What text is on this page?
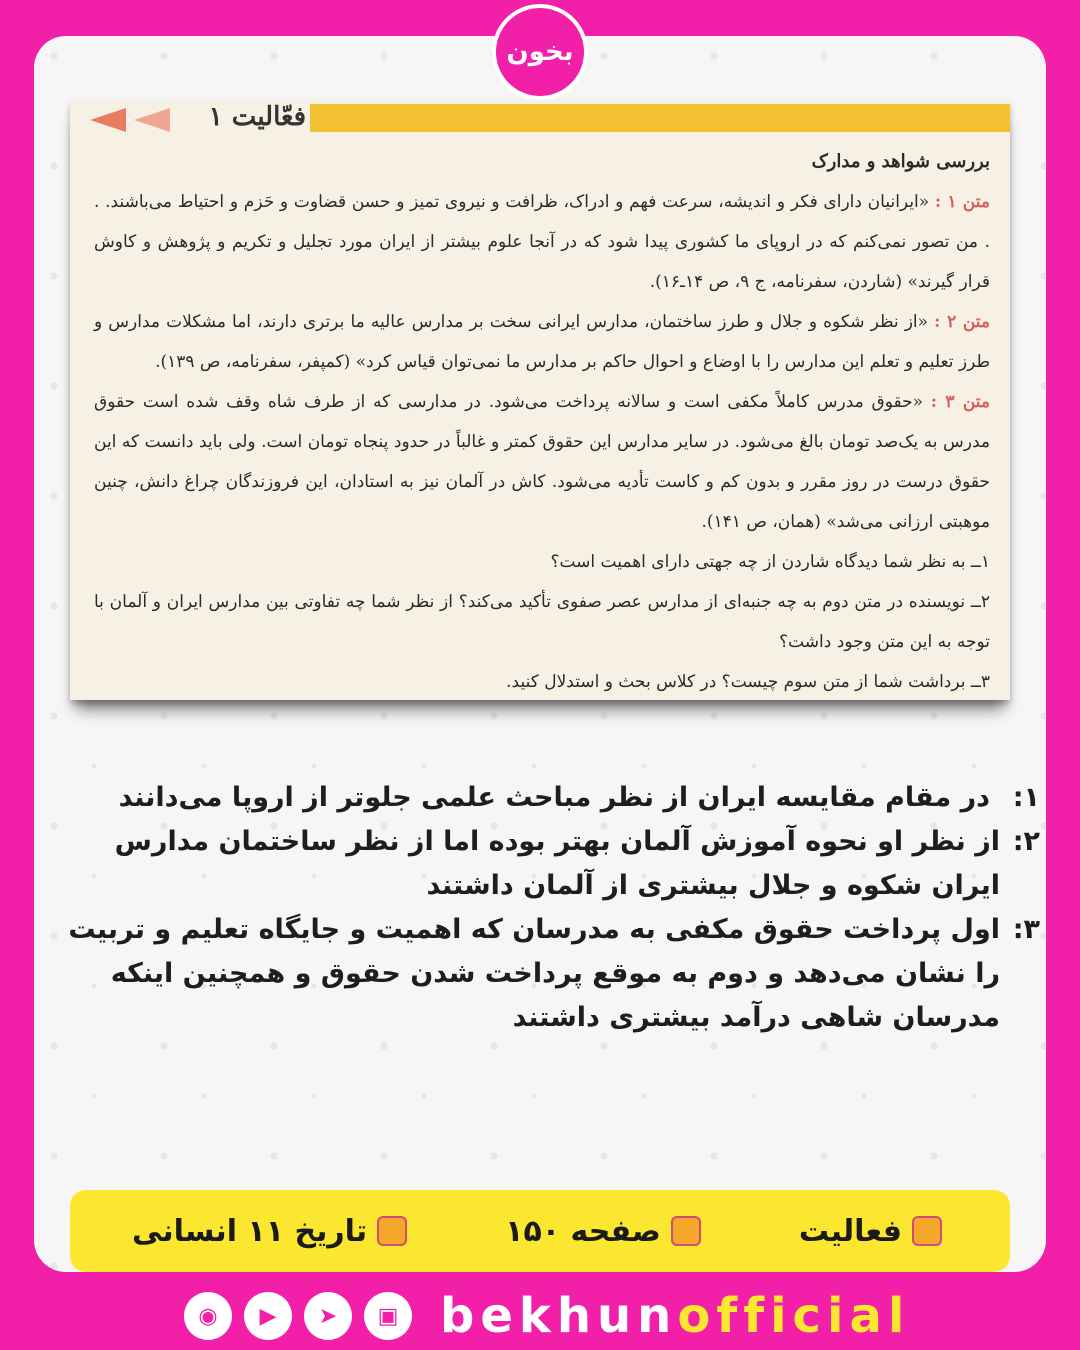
بخون
فعّالیت ۱

بررسی شواهد و مدارک

متن ۱ : «ایرانیان دارای فکر و اندیشه، سرعت فهم و ادراک، ظرافت و نیروی تمیز و حسن قضاوت و حَزم و احتیاط می‌باشند. . . من تصور نمی‌کنم که در اروپای ما کشوری پیدا شود که در آنجا علوم بیشتر از ایران مورد تجلیل و تکریم و پژوهش و کاوش قرار گیرند» (شاردن، سفرنامه، ج ۹، ص ۱۴ـ۱۶).

متن ۲ : «از نظر شکوه و جلال و طرز ساختمان، مدارس ایرانی سخت بر مدارس عالیه ما برتری دارند، اما مشکلات مدارس و طرز تعلیم و تعلم این مدارس را با اوضاع و احوال حاکم بر مدارس ما نمی‌توان قیاس کرد» (کمپفر، سفرنامه، ص ۱۳۹).

متن ۳ : «حقوق مدرس کاملاً مکفی است و سالانه پرداخت می‌شود. در مدارسی که از طرف شاه وقف شده است حقوق مدرس به یک‌صد تومان بالغ می‌شود. در سایر مدارس این حقوق کمتر و غالباً در حدود پنجاه تومان است. ولی باید دانست که این حقوق درست در روز مقرر و بدون کم و کاست تأدیه می‌شود. کاش در آلمان نیز به استادان، این فروزندگان چراغ دانش، چنین موهبتی ارزانی می‌شد» (همان، ص ۱۴۱).

۱ــ به نظر شما دیدگاه شاردن از چه جهتی دارای اهمیت است؟

۲ــ نویسنده در متن دوم به چه جنبه‌ای از مدارس عصر صفوی تأکید می‌کند؟ از نظر شما چه تفاوتی بین مدارس ایران و آلمان با توجه به این متن وجود داشت؟

۳ــ برداشت شما از متن سوم چیست؟ در کلاس بحث و استدلال کنید.

۱:
در مقام مقایسه ایران از نظر مباحث علمی جلوتر از اروپا می‌دانند
۲:
از نظر او نحوه آموزش آلمان بهتر بوده اما از نظر ساختمان مدارس ایران شکوه و جلال بیشتری از آلمان داشتند
۳:
اول پرداخت حقوق مکفی به مدرسان که اهمیت و جایگاه تعلیم و تربیت را نشان می‌دهد و دوم به موقع پرداخت شدن حقوق و همچنین اینکه مدرسان شاهی درآمد بیشتری داشتند
فعالیت
صفحه ۱۵۰
تاریخ ۱۱ انسانی
◉	▶	➤	▣ bekhunofficial
